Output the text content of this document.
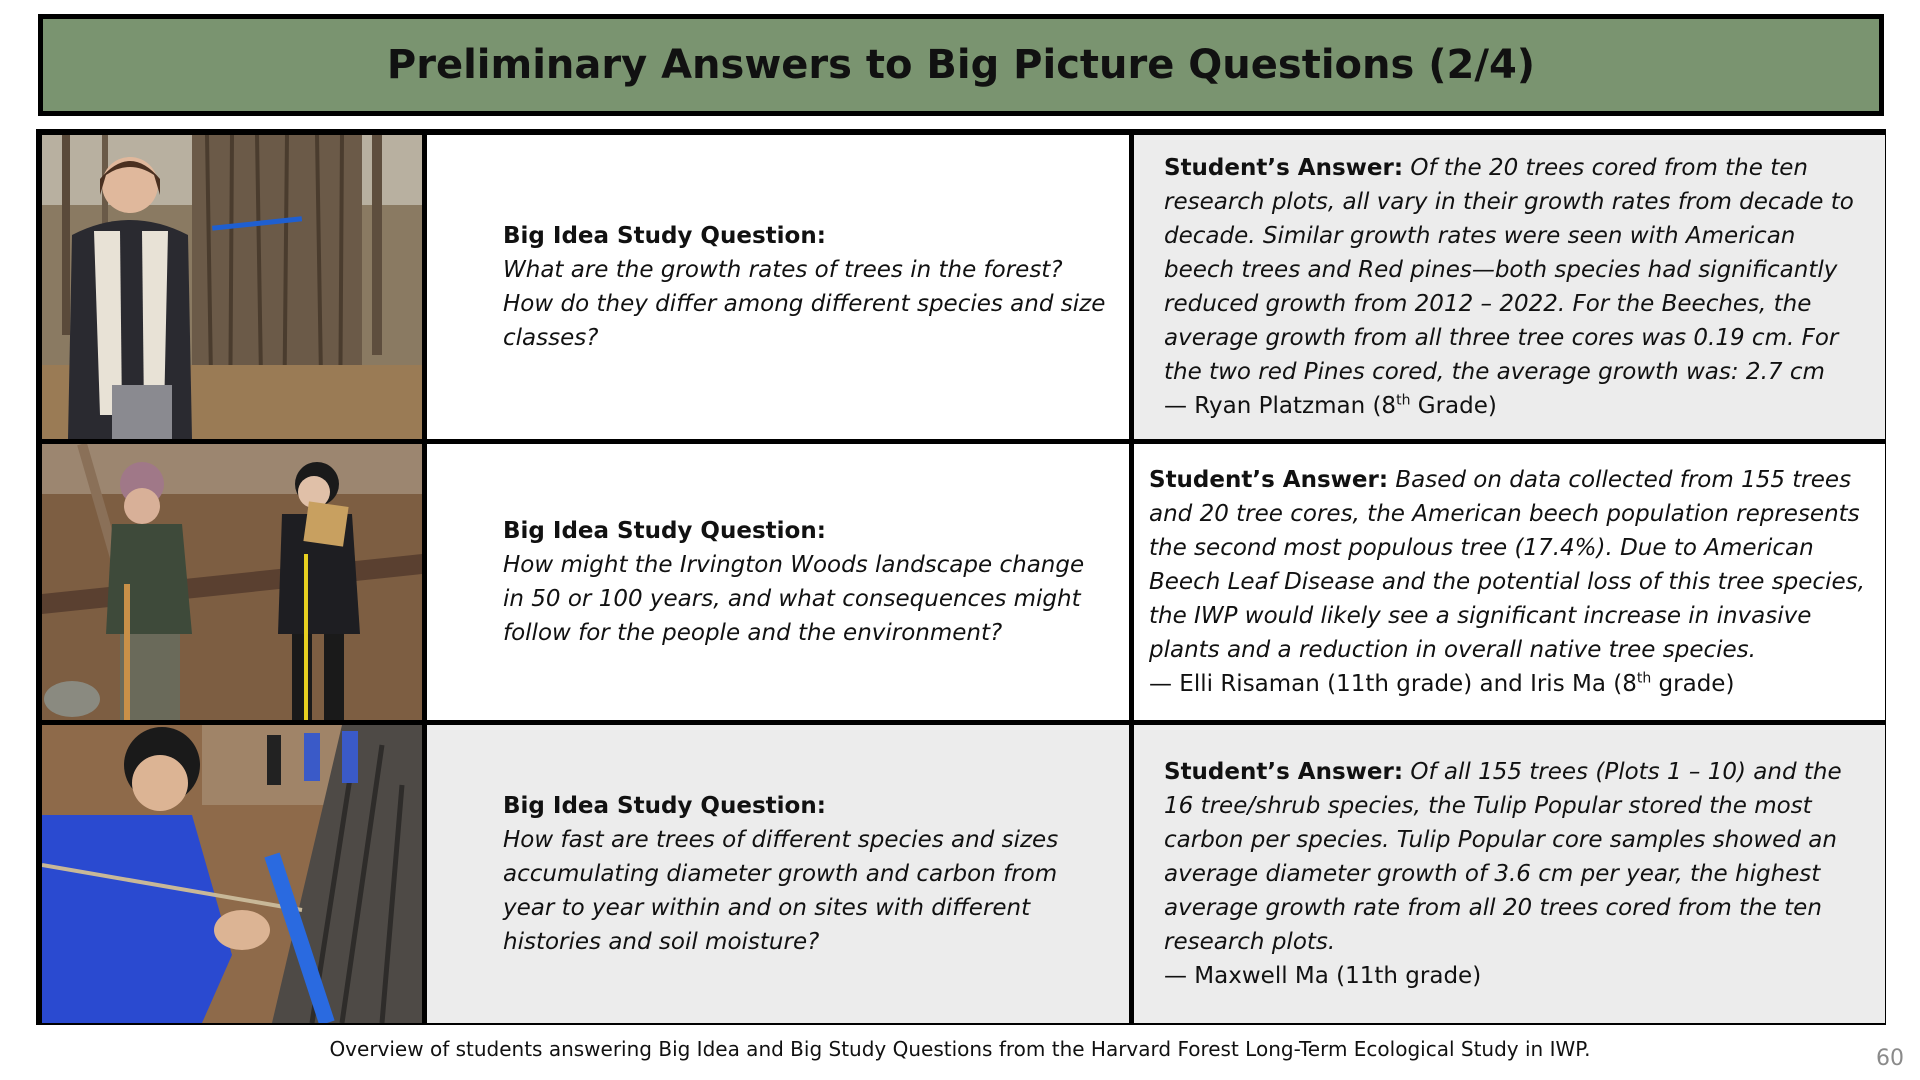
Preliminary Answers to Big Picture Questions (2/4)
Big Idea Study Question:
What are the growth rates of trees in the forest? How do they differ among different species and size classes?
Student’s Answer: Of the 20 trees cored from the ten research plots, all vary in their growth rates from decade to decade. Similar growth rates were seen with American beech trees and Red pines—both species had significantly reduced growth from 2012 – 2022. For the Beeches, the average growth from all three tree cores was 0.19 cm. For the two red Pines cored, the average growth was: 2.7 cm
— Ryan Platzman (8th Grade)
Big Idea Study Question:
How might the Irvington Woods landscape change in 50 or 100 years, and what consequences might follow for the people and the environment?
Student’s Answer: Based on data collected from 155 trees and 20 tree cores, the American beech population represents the second most populous tree (17.4%). Due to American Beech Leaf Disease and the potential loss of this tree species, the IWP would likely see a significant increase in invasive plants and a reduction in overall native tree species.
— Elli Risaman (11th grade) and Iris Ma (8th grade)
Big Idea Study Question:
How fast are trees of different species and sizes accumulating diameter growth and carbon from year to year within and on sites with different histories and soil moisture?
Student’s Answer: Of all 155 trees (Plots 1 – 10) and the 16 tree/shrub species, the Tulip Popular stored the most carbon per species. Tulip Popular core samples showed an average diameter growth of 3.6 cm per year, the highest average growth rate from all 20 trees cored from the ten research plots.
— Maxwell Ma (11th grade)
Overview of students answering Big Idea and Big Study Questions from the Harvard Forest Long-Term Ecological Study in IWP.	60
